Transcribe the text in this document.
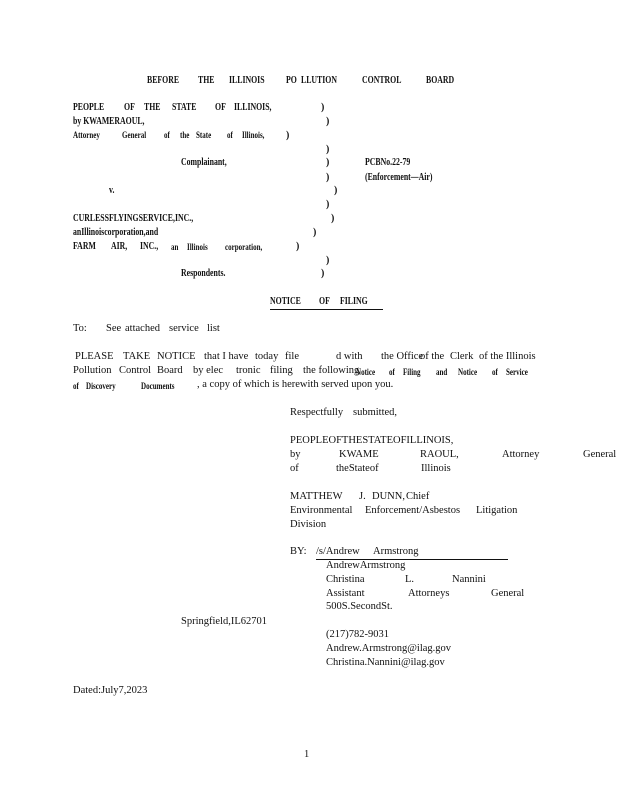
BEFORE THE ILLINOIS PO LLUTION	CONTROL BOARD
PEOPLE OF THE STATE OF ILLINOIS,	)
by KWAMERAOUL,	)
Attorney General of the State of Illinois, )
)
Complainant,	)	PCBNo.22-79
)	(Enforcement—Air)
v.	)
)
CURLESSFLYINGSERVICE,INC.,	)
anIllinoiscorporation,and	)
FARM AIR, INC., an Illinois corporation,	)
)
Respondents.	)
NOTICE OF FILING
To: See attached service list
PLEASE TAKE NOTICE that I have today file	d with the Office
of the Clerk of the Illinois
Pollution Control Board by elec tronic filing the following
Notice of Filing and Notice of Service
of Discovery	Documents , a copy of which is herewith served upon you.
Respectfully submitted,
PEOPLEOFTHESTATEOFILLINOIS,
by	KWAME	RAOUL,	Attorney	General
of	theStateof	Illinois
MATTHEW J. DUNN, Chief
Environmental Enforcement/Asbestos Litigation
Division
BY: /s/Andrew Armstrong
AndrewArmstrong
Christina	L.	Nannini
Assistant	Attorneys	General
500S.SecondSt.
Springfield,IL62701
(217)782-9031
Andrew.Armstrong@ilag.gov
Christina.Nannini@ilag.gov
Dated:July7,2023
1
